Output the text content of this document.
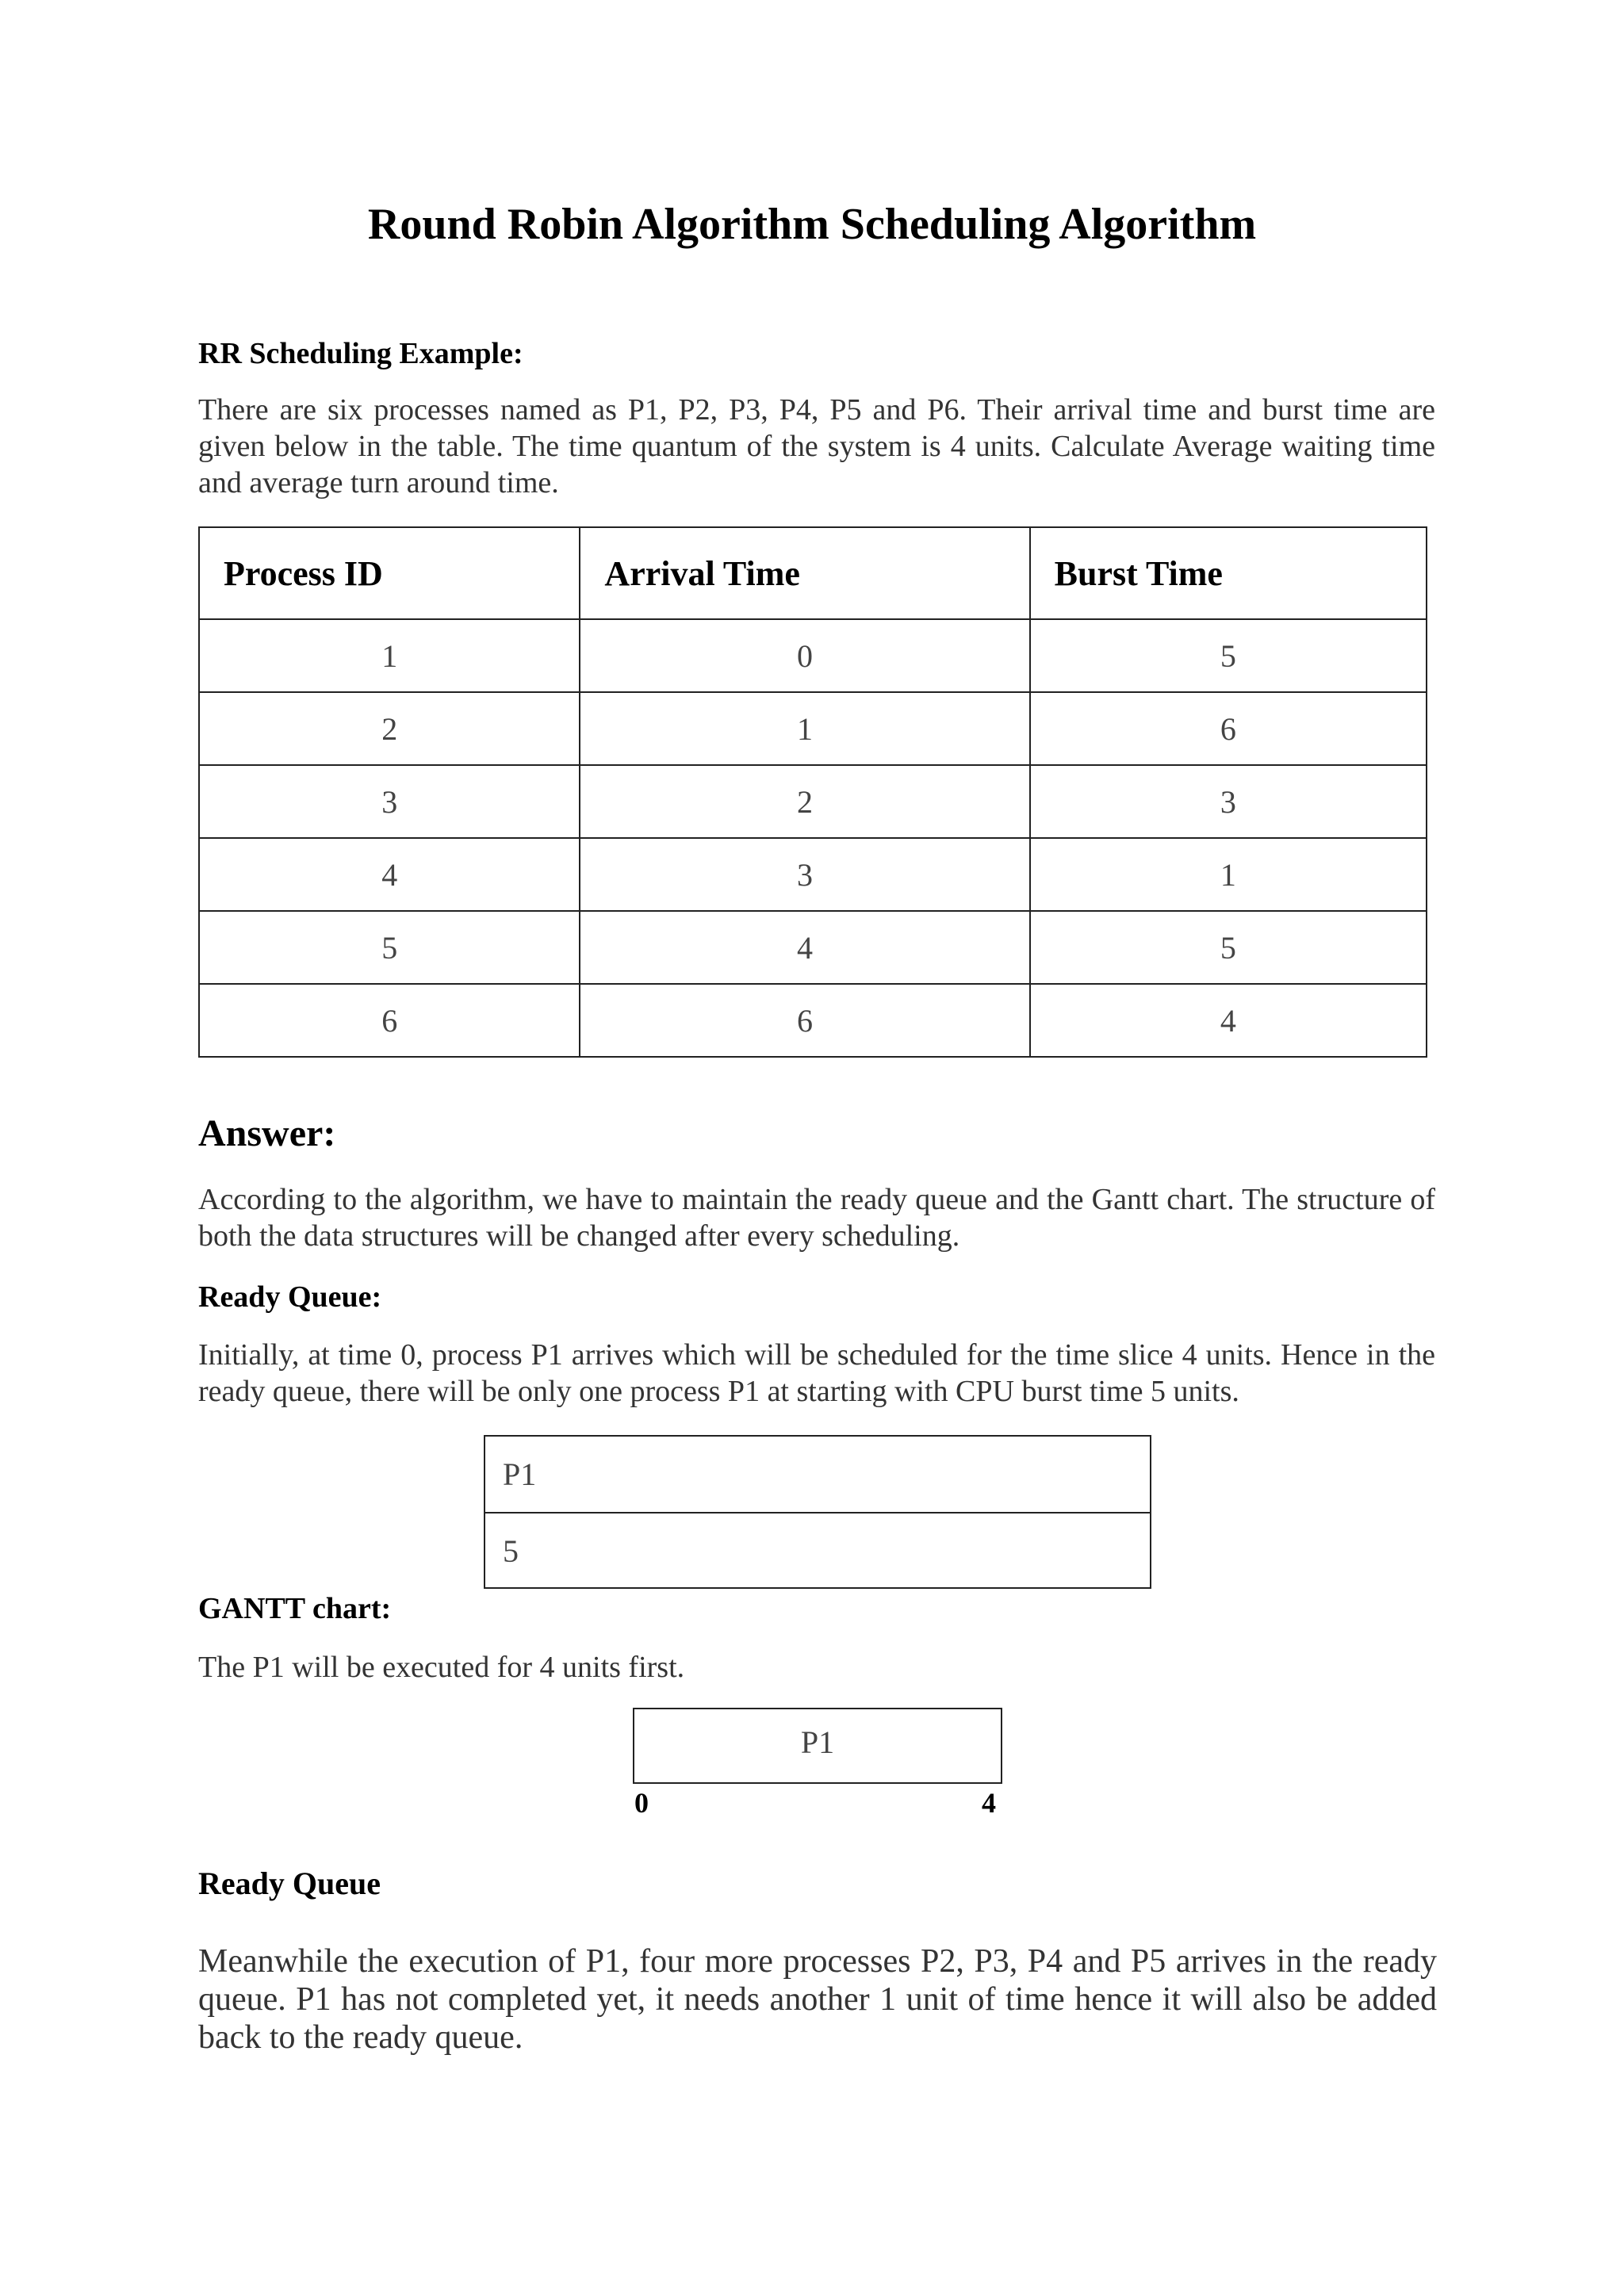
Round Robin Algorithm Scheduling Algorithm
RR Scheduling Example:
There are six processes named as P1, P2, P3, P4, P5 and P6. Their arrival time and burst time are given below in the table. The time quantum of the system is 4 units. Calculate Average waiting time and average turn around time.
Process ID	Arrival Time	Burst Time
1	0	5
2	1	6
3	2	3
4	3	1
5	4	5
6	6	4
Answer:
According to the algorithm, we have to maintain the ready queue and the Gantt chart. The structure of both the data structures will be changed after every scheduling.
Ready Queue:
Initially, at time 0, process P1 arrives which will be scheduled for the time slice 4 units. Hence in the ready queue, there will be only one process P1 at starting with CPU burst time 5 units.
P1
5
GANTT chart:
The P1 will be executed for 4 units first.
P1
0	4
Ready Queue
Meanwhile the execution of P1, four more processes P2, P3, P4 and P5 arrives in the ready queue. P1 has not completed yet, it needs another 1 unit of time hence it will also be added back to the ready queue.
